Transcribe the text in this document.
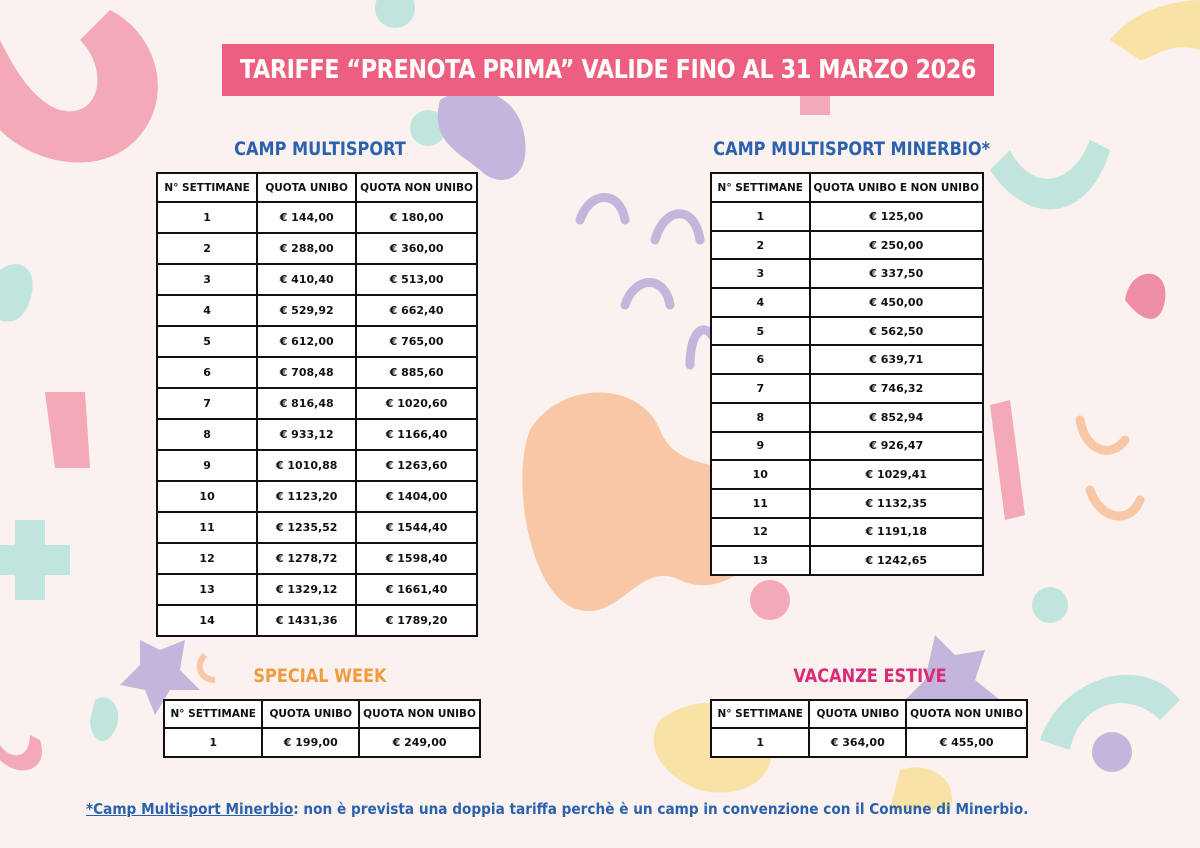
TARIFFE “PRENOTA PRIMA” VALIDE FINO AL 31 MARZO 2026
CAMP MULTISPORT	CAMP MULTISPORT MINERBIO*
N° SETTIMANE	QUOTA UNIBO	QUOTA NON UNIBO
1	€ 144,00	€ 180,00
2	€ 288,00	€ 360,00
3	€ 410,40	€ 513,00
4	€ 529,92	€ 662,40
5	€ 612,00	€ 765,00
6	€ 708,48	€ 885,60
7	€ 816,48	€ 1020,60
8	€ 933,12	€ 1166,40
9	€ 1010,88	€ 1263,60
10	€ 1123,20	€ 1404,00
11	€ 1235,52	€ 1544,40
12	€ 1278,72	€ 1598,40
13	€ 1329,12	€ 1661,40
14	€ 1431,36	€ 1789,20
N° SETTIMANE	QUOTA UNIBO E NON UNIBO
1	€ 125,00
2	€ 250,00
3	€ 337,50
4	€ 450,00
5	€ 562,50
6	€ 639,71
7	€ 746,32
8	€ 852,94
9	€ 926,47
10	€ 1029,41
11	€ 1132,35
12	€ 1191,18
13	€ 1242,65
SPECIAL WEEK	VACANZE ESTIVE
N° SETTIMANE	QUOTA UNIBO	QUOTA NON UNIBO
1	€ 199,00	€ 249,00
N° SETTIMANE	QUOTA UNIBO	QUOTA NON UNIBO
1	€ 364,00	€ 455,00
*Camp Multisport Minerbio: non è prevista una doppia tariffa perchè è un camp in convenzione con il Comune di Minerbio.
